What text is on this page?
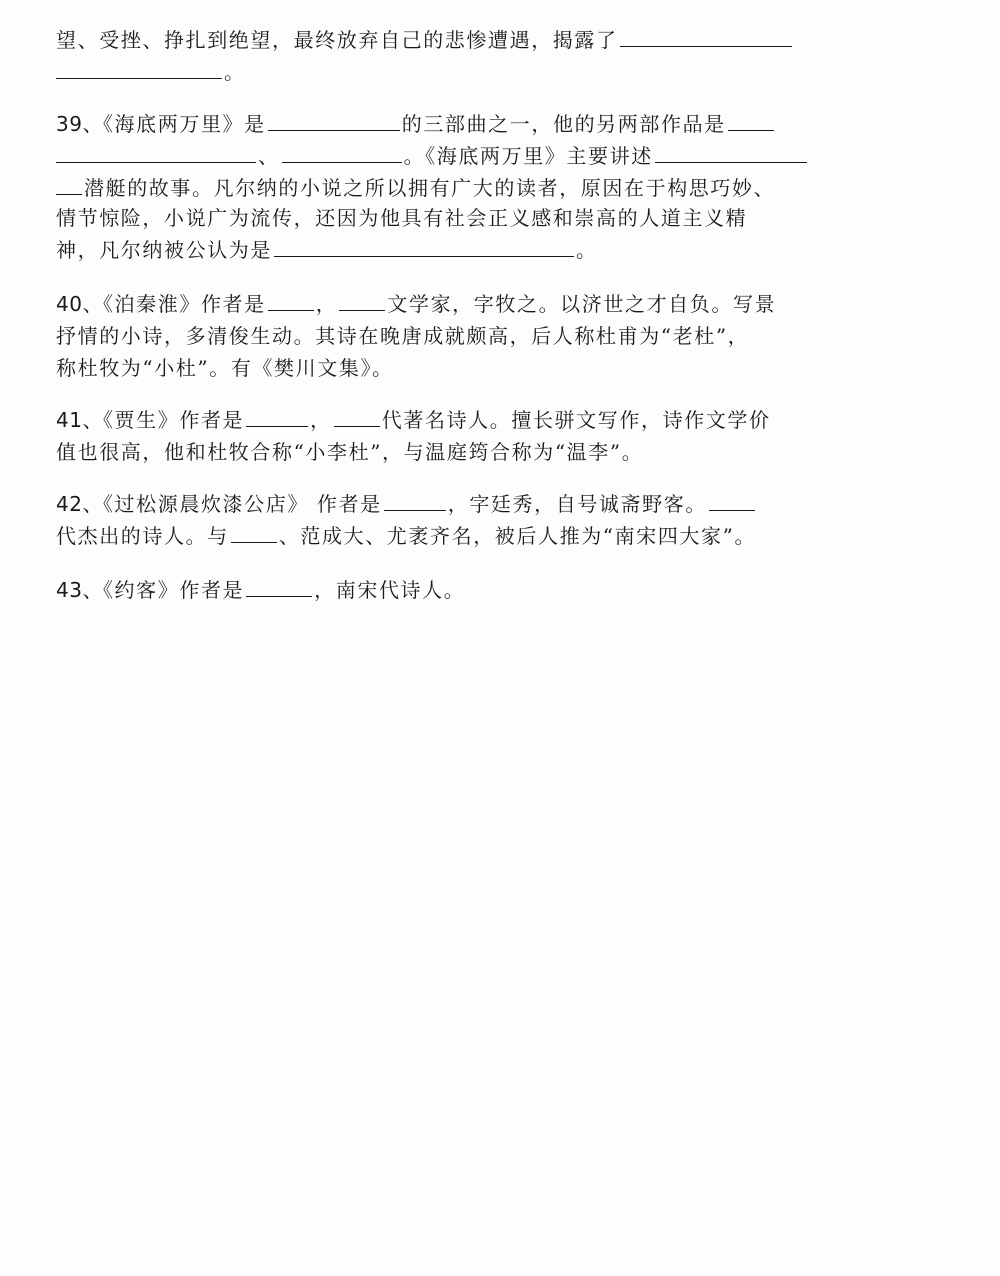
望、受挫、挣扎到绝望，最终放弃自己的悲惨遭遇，揭露了
。
39、《海底两万里》是	的三部曲之一，他的另两部作品是
、	。《海底两万里》主要讲述
潜艇的故事。凡尔纳的小说之所以拥有广大的读者，原因在于构思巧妙、
情节惊险，小说广为流传，还因为他具有社会正义感和崇高的人道主义精
神，凡尔纳被公认为是	。
40、《泊秦淮》作者是	，	文学家，字牧之。以济世之才自负。写景
抒情的小诗，多清俊生动。其诗在晚唐成就颇高，后人称杜甫为“老杜”，
称杜牧为“小杜”。有《樊川文集》。
41、《贾生》作者是	，	代著名诗人。擅长骈文写作，诗作文学价
值也很高，他和杜牧合称“小李杜”，与温庭筠合称为“温李”。
42、《过松源晨炊漆公店》 作者是	，字廷秀，自号诚斋野客。
代杰出的诗人。与	、范成大、尤袤齐名，被后人推为“南宋四大家”。
43、《约客》作者是	，南宋代诗人。
